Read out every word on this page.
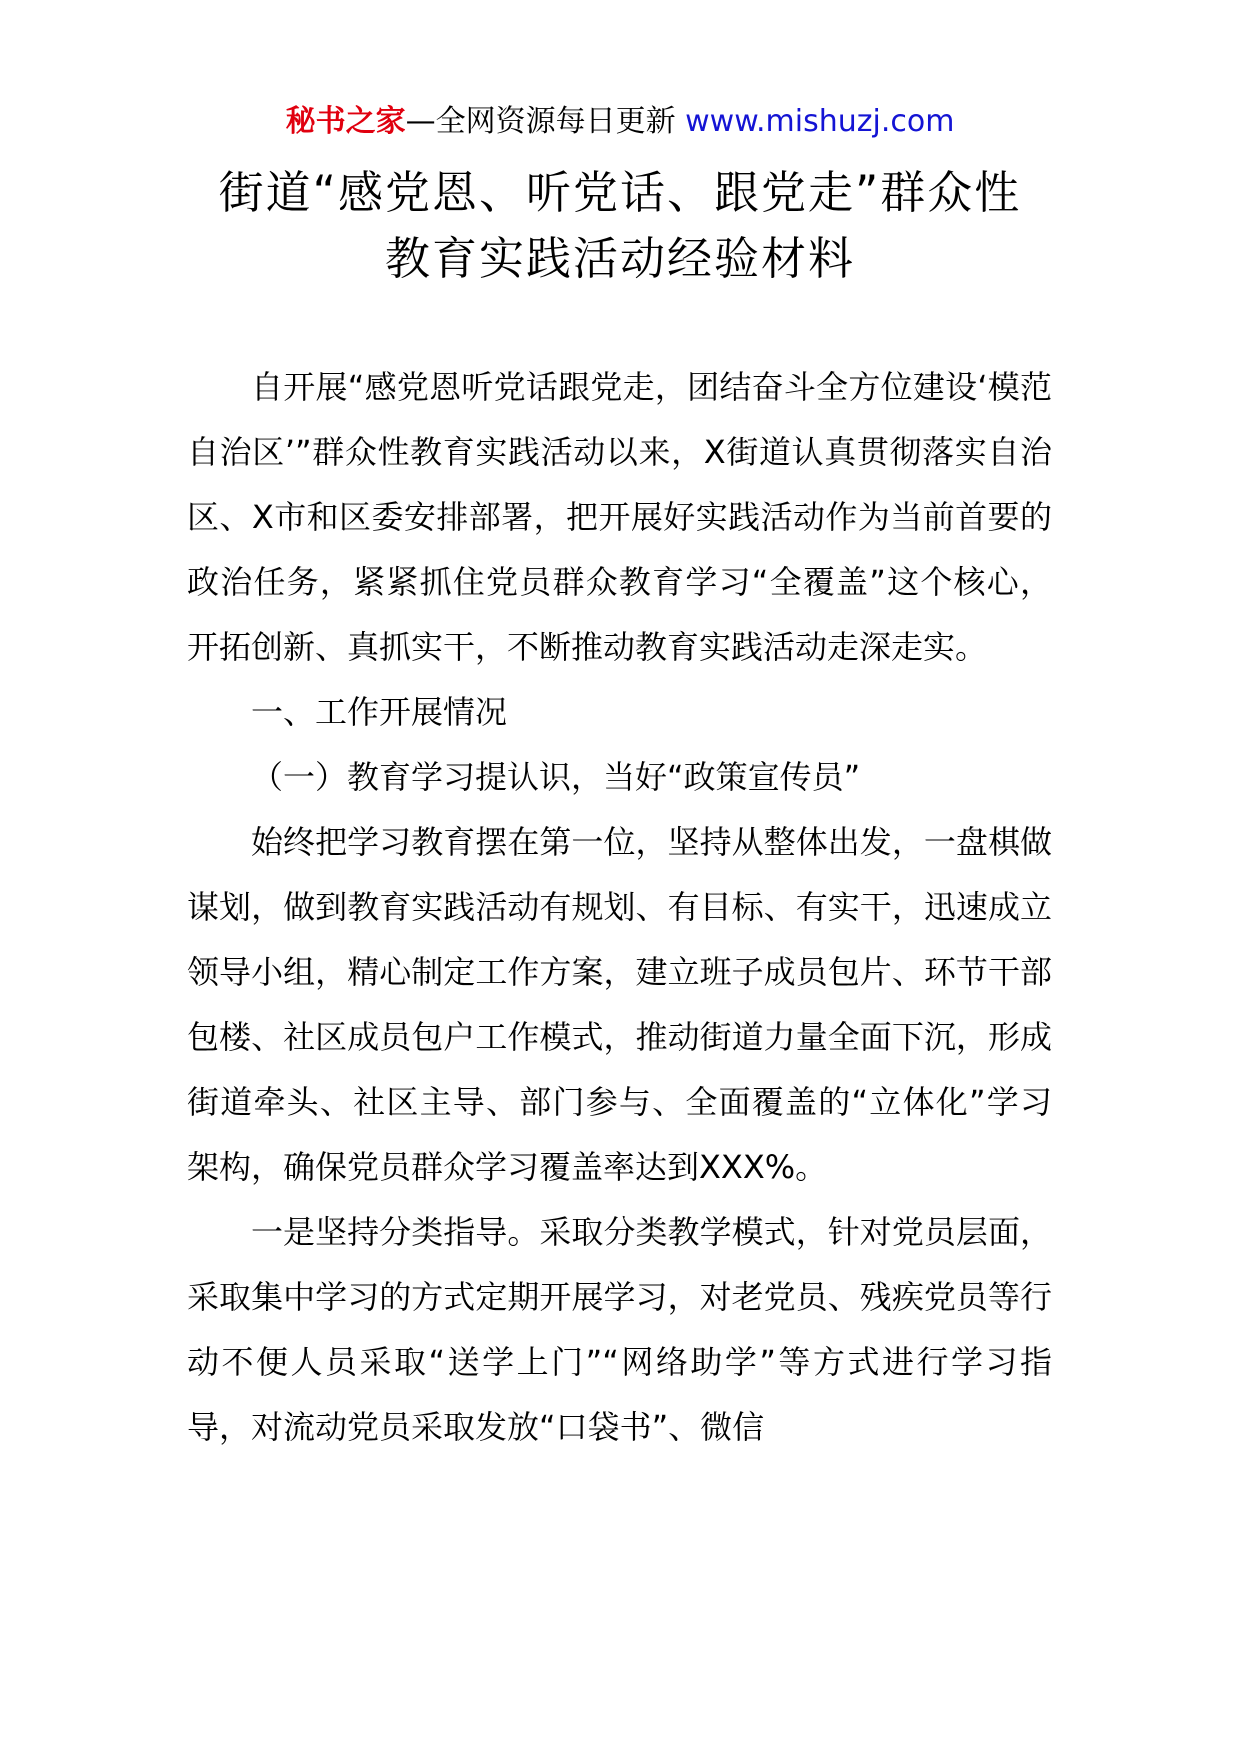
秘书之家—全网资源每日更新 www.mishuzj.com
街道“感党恩、听党话、跟党走”群众性
教育实践活动经验材料

自开展“感党恩听党话跟党走，团结奋斗全方位建设‘模范自治区’”群众性教育实践活动以来，X街道认真贯彻落实自治区、X市和区委安排部署，把开展好实践活动作为当前首要的政治任务，紧紧抓住党员群众教育学习“全覆盖”这个核心，开拓创新、真抓实干，不断推动教育实践活动走深走实。

一、工作开展情况

（一）教育学习提认识，当好“政策宣传员”

始终把学习教育摆在第一位，坚持从整体出发，一盘棋做谋划，做到教育实践活动有规划、有目标、有实干，迅速成立领导小组，精心制定工作方案，建立班子成员包片、环节干部包楼、社区成员包户工作模式，推动街道力量全面下沉，形成街道牵头、社区主导、部门参与、全面覆盖的“立体化”学习架构，确保党员群众学习覆盖率达到XXX%。

一是坚持分类指导。采取分类教学模式，针对党员层面，采取集中学习的方式定期开展学习，对老党员、残疾党员等行动不便人员采取“送学上门”“网络助学”等方式进行学习指导，对流动党员采取发放“口袋书”、微信
